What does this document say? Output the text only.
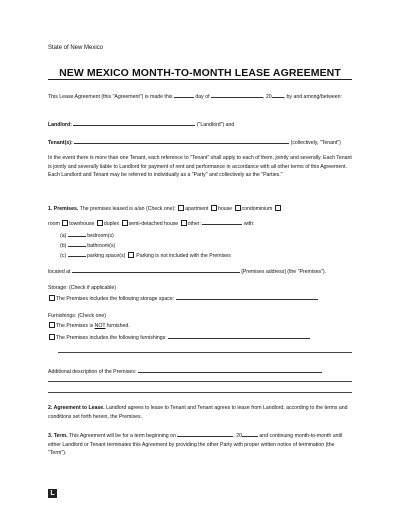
State of New Mexico
NEW MEXICO MONTH-TO-MONTH LEASE AGREEMENT
This Lease Agreement (this "Agreement") is made this	day of	, 20 , by and among/between:
Landlord:	("Landlord") and
Tenant(s):	(collectively, "Tenant")
In the event there is more than one Tenant, each reference to "Tenant" shall apply to each of them, jointly and severally. Each Tenant is jointly and severally liable to Landlord for payment of rent and performance in accordance with all other terms of this Agreement. Each Landlord and Tenant may be referred to individually as a "Party" and collectively as the "Parties."
1. Premises. The premises leased is a/an (Check one): apartment house condominium
room townhouse duplex semi-detached house other:	with:
(a)	bedroom(s)
(b)	bathroom(s)
(c)	parking space(s) Parking is not included with the Premises
located at	[Premises address] (the "Premises").
Storage: (Check if applicable)
The Premises includes the following storage space:
Furnishings: (Check one)
The Premises is NOT furnished.
The Premises includes the following furnishings:
Additional description of the Premises:
2. Agreement to Lease. Landlord agrees to lease to Tenant and Tenant agrees to lease from Landlord, according to the terms and conditions set forth herein, the Premises.
3. Term. This Agreement will be for a term beginning on	, 20	and continuing month-to-month until either Landlord or Tenant terminates this Agreement by providing the other Party with proper written notice of termination (the "Term").
L
